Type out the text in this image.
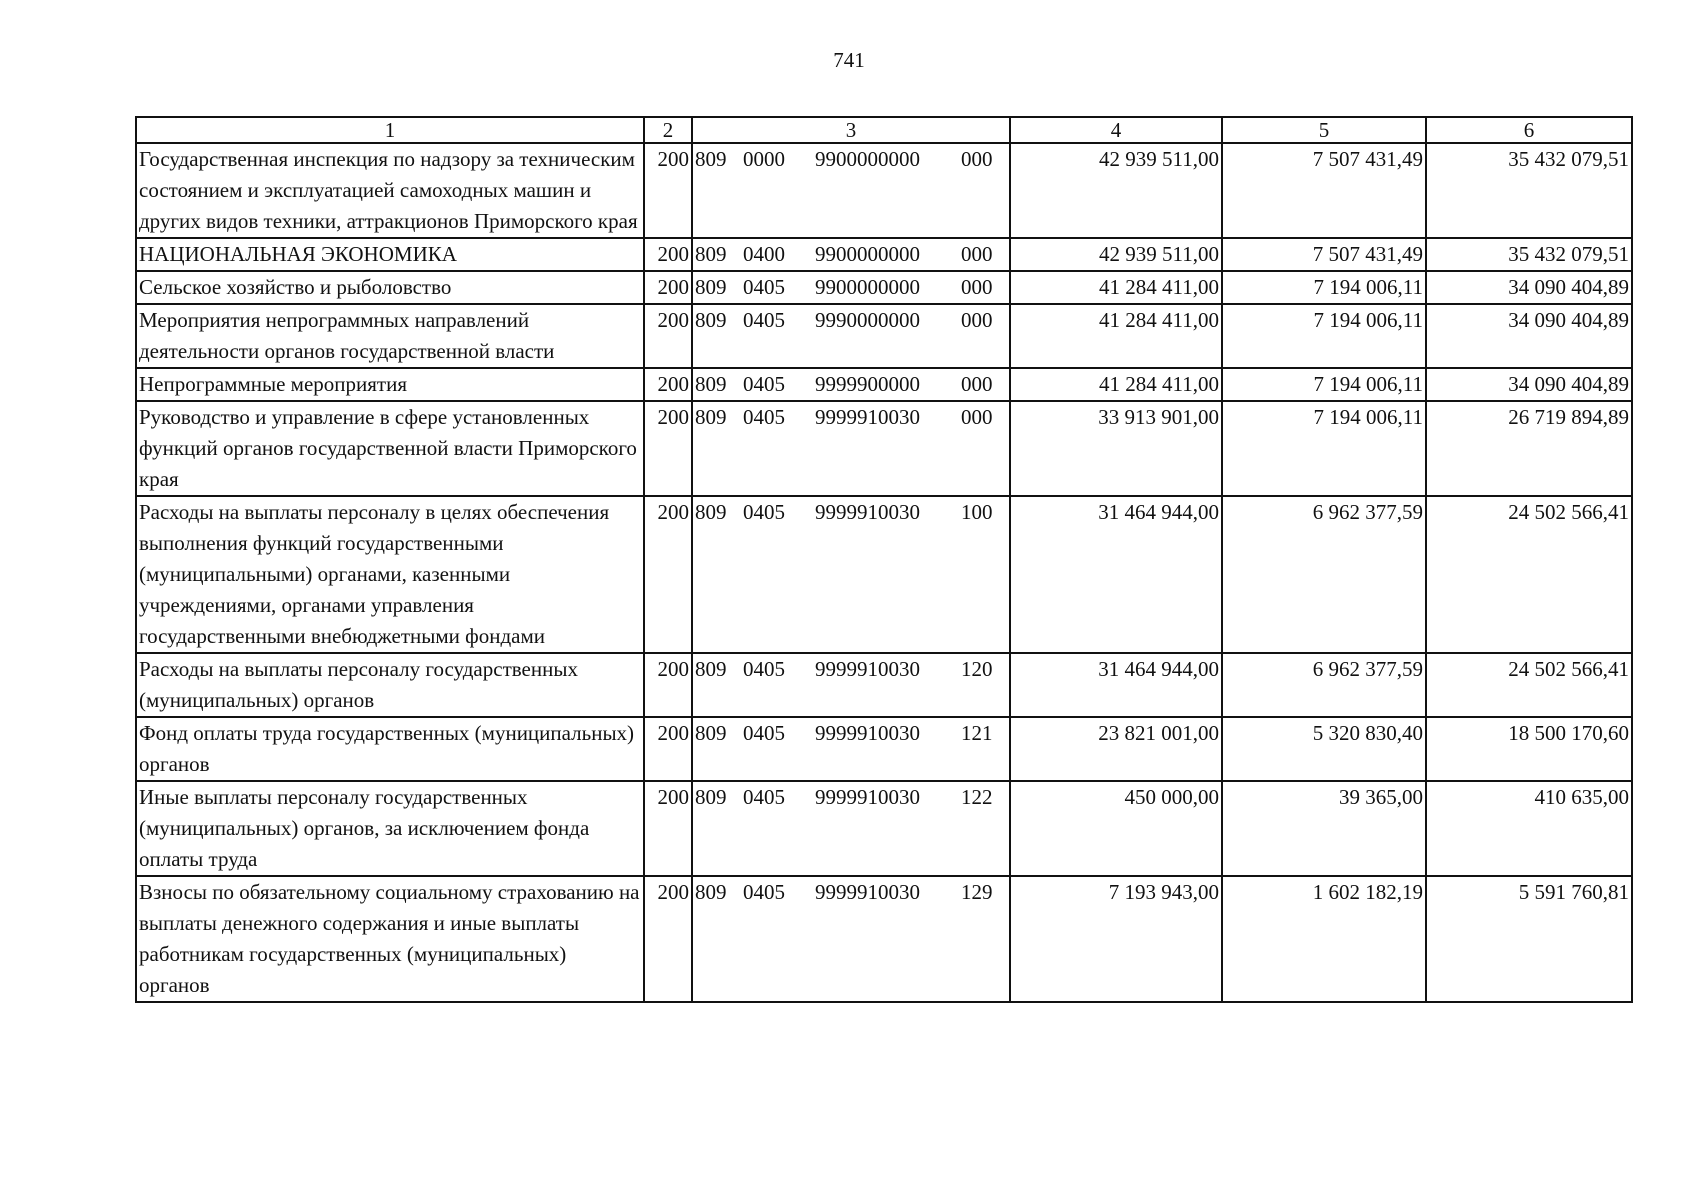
741
1	2	3	4	5	6
Государственная инспекция по надзору за техническим состоянием и эксплуатацией самоходных машин и других видов техники, аттракционов Приморского края	200	809 0000 9900000000 000	42 939 511,00	7 507 431,49	35 432 079,51
НАЦИОНАЛЬНАЯ ЭКОНОМИКА	200	809 0400 9900000000 000	42 939 511,00	7 507 431,49	35 432 079,51
Сельское хозяйство и рыболовство	200	809 0405 9900000000 000	41 284 411,00	7 194 006,11	34 090 404,89
Мероприятия непрограммных направлений деятельности органов государственной власти	200	809 0405 9990000000 000	41 284 411,00	7 194 006,11	34 090 404,89
Непрограммные мероприятия	200	809 0405 9999900000 000	41 284 411,00	7 194 006,11	34 090 404,89
Руководство и управление в сфере установленных функций органов государственной власти Приморского края	200	809 0405 9999910030 000	33 913 901,00	7 194 006,11	26 719 894,89
Расходы на выплаты персоналу в целях обеспечения выполнения функций государственными (муниципальными) органами, казенными учреждениями, органами управления государственными внебюджетными фондами	200	809 0405 9999910030 100	31 464 944,00	6 962 377,59	24 502 566,41
Расходы на выплаты персоналу государственных (муниципальных) органов	200	809 0405 9999910030 120	31 464 944,00	6 962 377,59	24 502 566,41
Фонд оплаты труда государственных (муниципальных) органов	200	809 0405 9999910030 121	23 821 001,00	5 320 830,40	18 500 170,60
Иные выплаты персоналу государственных (муниципальных) органов, за исключением фонда оплаты труда	200	809 0405 9999910030 122	450 000,00	39 365,00	410 635,00
Взносы по обязательному социальному страхованию на выплаты денежного содержания и иные выплаты работникам государственных (муниципальных) органов	200	809 0405 9999910030 129	7 193 943,00	1 602 182,19	5 591 760,81
